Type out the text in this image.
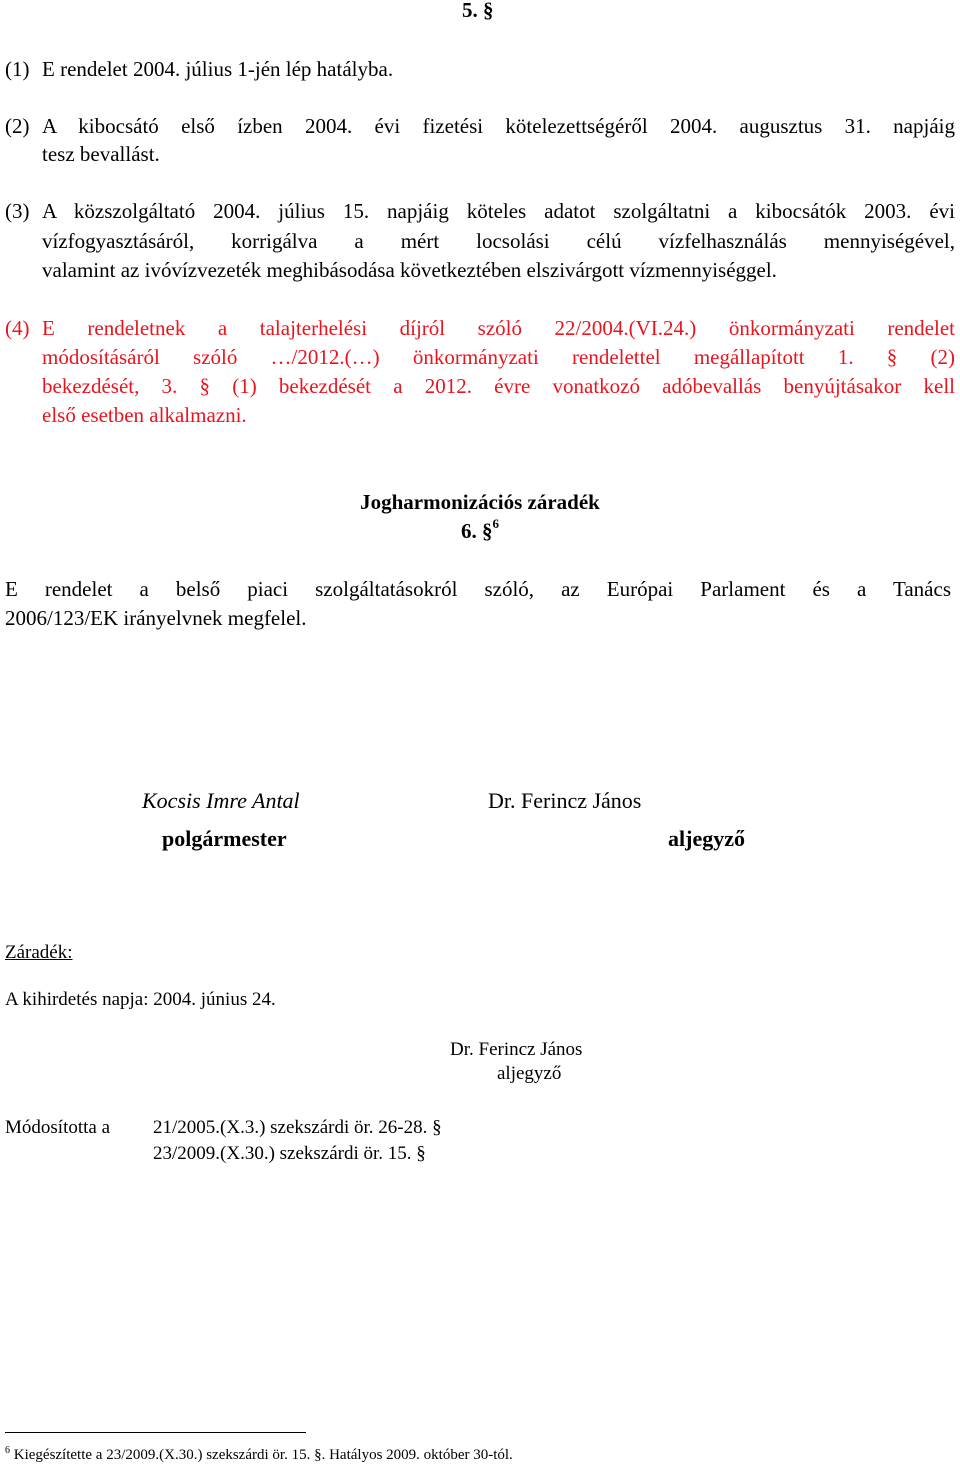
5. §
(1) E rendelet 2004. július 1-jén lép hatályba.
(2) A kibocsátó első ízben 2004. évi fizetési kötelezettségéről 2004. augusztus 31. napjáig
tesz bevallást.
(3) A közszolgáltató 2004. július 15. napjáig köteles adatot szolgáltatni a kibocsátók 2003. évi
vízfogyasztásáról, korrigálva a mért locsolási célú vízfelhasználás mennyiségével,
valamint az ivóvízvezeték meghibásodása következtében elszivárgott vízmennyiséggel.
(4) E rendeletnek a talajterhelési díjról szóló 22/2004.(VI.24.) önkormányzati rendelet
módosításáról szóló …/2012.(…) önkormányzati rendelettel megállapított 1. § (2)
bekezdését, 3. § (1) bekezdését a 2012. évre vonatkozó adóbevallás benyújtásakor kell
első esetben alkalmazni.
Jogharmonizációs záradék
6. §$^6$
E rendelet a belső piaci szolgáltatásokról szóló, az Európai Parlament és a Tanács
2006/123/EK irányelvnek megfelel.
Kocsis Imre Antal
polgármester
Dr. Ferincz János
aljegyző
Záradék:
A kihirdetés napja: 2004. június 24.
Dr. Ferincz János
aljegyző
Módosította a 21/2005.(X.3.) szekszárdi ör. 26-28. §
23/2009.(X.30.) szekszárdi ör. 15. §
$^6$ Kiegészítette a 23/2009.(X.30.) szekszárdi ör. 15. §. Hatályos 2009. október 30-tól.
